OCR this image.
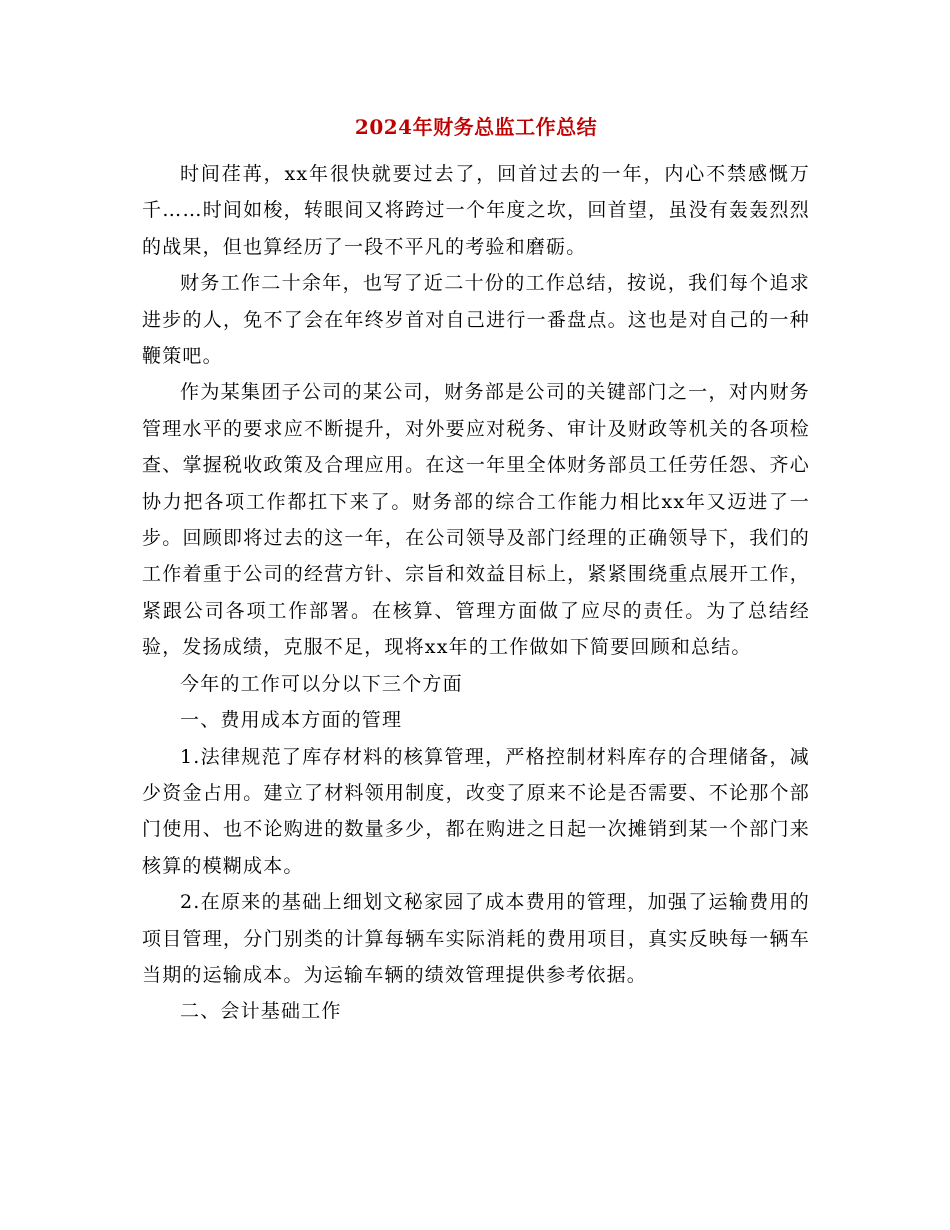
2024年财务总监工作总结

时间荏苒，xx年很快就要过去了，回首过去的一年，内心不禁感慨万千……时间如梭，转眼间又将跨过一个年度之坎，回首望，虽没有轰轰烈烈的战果，但也算经历了一段不平凡的考验和磨砺。

财务工作二十余年，也写了近二十份的工作总结，按说，我们每个追求进步的人，免不了会在年终岁首对自己进行一番盘点。这也是对自己的一种鞭策吧。

作为某集团子公司的某公司，财务部是公司的关键部门之一，对内财务管理水平的要求应不断提升，对外要应对税务、审计及财政等机关的各项检查、掌握税收政策及合理应用。在这一年里全体财务部员工任劳任怨、齐心协力把各项工作都扛下来了。财务部的综合工作能力相比xx年又迈进了一步。回顾即将过去的这一年，在公司领导及部门经理的正确领导下，我们的工作着重于公司的经营方针、宗旨和效益目标上，紧紧围绕重点展开工作，紧跟公司各项工作部署。在核算、管理方面做了应尽的责任。为了总结经验，发扬成绩，克服不足，现将xx年的工作做如下简要回顾和总结。

今年的工作可以分以下三个方面

一、费用成本方面的管理

1.法律规范了库存材料的核算管理，严格控制材料库存的合理储备，减少资金占用。建立了材料领用制度，改变了原来不论是否需要、不论那个部门使用、也不论购进的数量多少，都在购进之日起一次摊销到某一个部门来核算的模糊成本。

2.在原来的基础上细划文秘家园了成本费用的管理，加强了运输费用的项目管理，分门别类的计算每辆车实际消耗的费用项目，真实反映每一辆车当期的运输成本。为运输车辆的绩效管理提供参考依据。

二、会计基础工作
